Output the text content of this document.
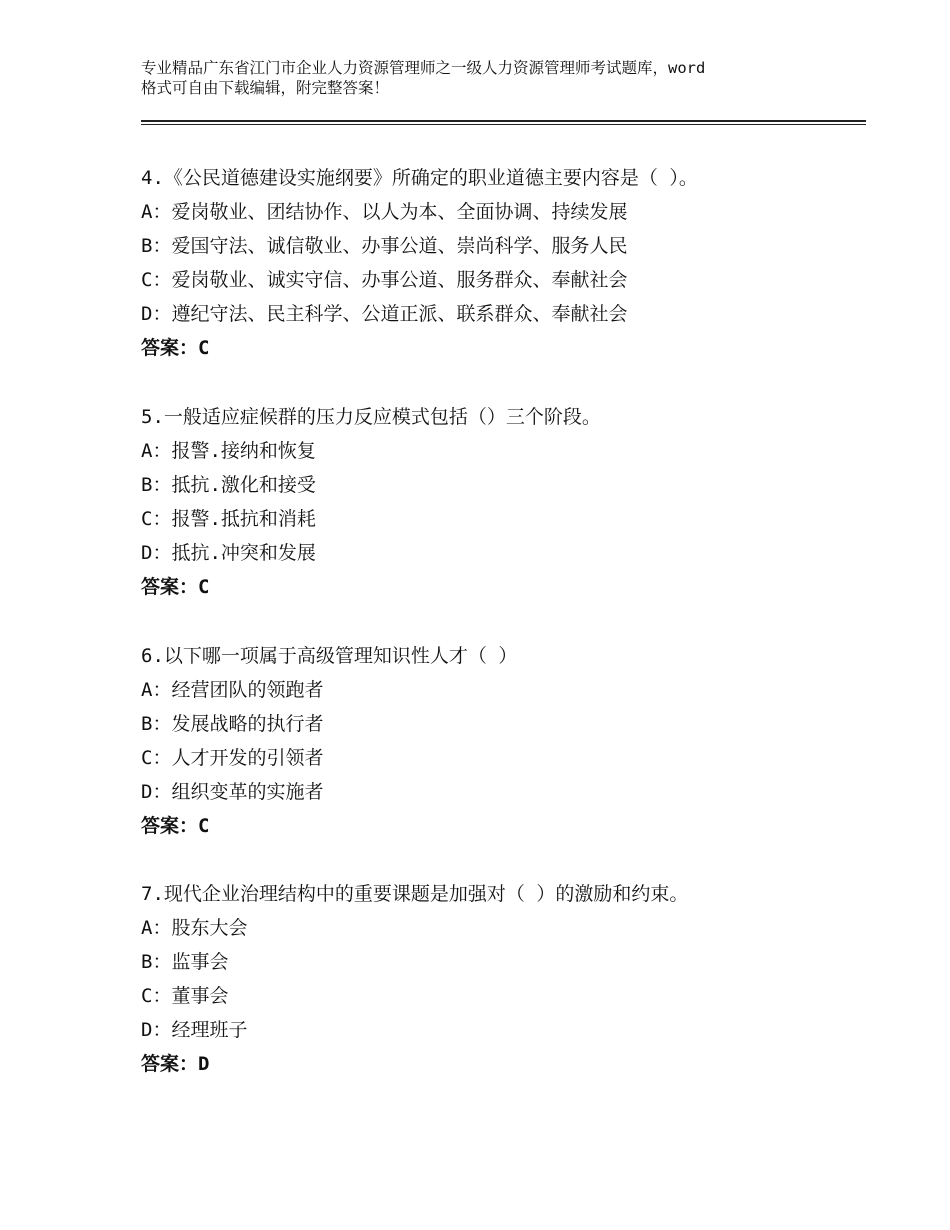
专业精品广东省江门市企业人力资源管理师之一级人力资源管理师考试题库，word
格式可自由下载编辑，附完整答案！
4.《公民道德建设实施纲要》所确定的职业道德主要内容是（ ）。
A：爱岗敬业、团结协作、以人为本、全面协调、持续发展
B：爱国守法、诚信敬业、办事公道、崇尚科学、服务人民
C：爱岗敬业、诚实守信、办事公道、服务群众、奉献社会
D：遵纪守法、民主科学、公道正派、联系群众、奉献社会
答案：C
5.一般适应症候群的压力反应模式包括（）三个阶段。
A：报警.接纳和恢复
B：抵抗.激化和接受
C：报警.抵抗和消耗
D：抵抗.冲突和发展
答案：C
6.以下哪一项属于高级管理知识性人才（ ）
A：经营团队的领跑者
B：发展战略的执行者
C：人才开发的引领者
D：组织变革的实施者
答案：C
7.现代企业治理结构中的重要课题是加强对（ ）的激励和约束。
A：股东大会
B：监事会
C：董事会
D：经理班子
答案：D
